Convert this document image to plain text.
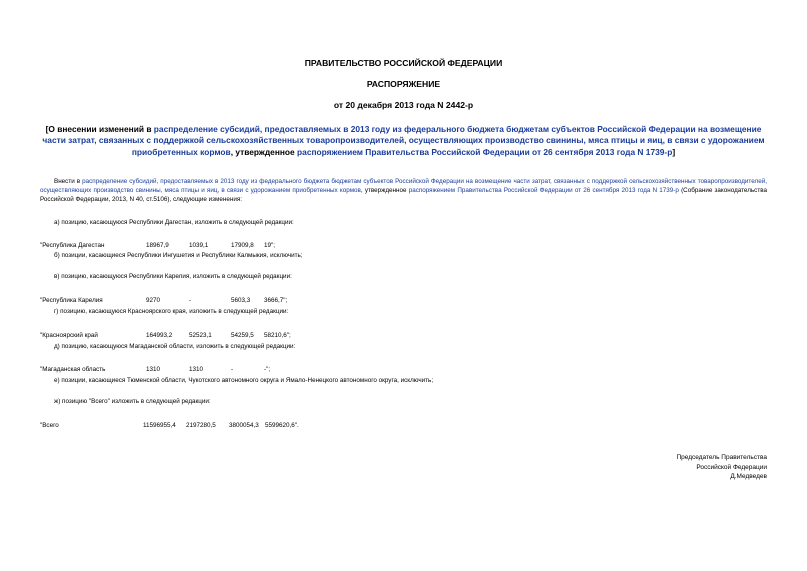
ПРАВИТЕЛЬСТВО РОССИЙСКОЙ ФЕДЕРАЦИИ
РАСПОРЯЖЕНИЕ
от 20 декабря 2013 года N 2442-р
[О внесении изменений в распределение субсидий, предоставляемых в 2013 году из федерального бюджета бюджетам субъектов Российской Федерации на возмещение части затрат, связанных с поддержкой сельскохозяйственных товаропроизводителей, осуществляющих производство свинины, мяса птицы и яиц, в связи с удорожанием приобретенных кормов, утвержденное распоряжением Правительства Российской Федерации от 26 сентября 2013 года N 1739-р]
Внести в распределение субсидий, предоставляемых в 2013 году из федерального бюджета бюджетам субъектов Российской Федерации на возмещение части затрат, связанных с поддержкой сельскохозяйственных товаропроизводителей, осуществляющих производство свинины, мяса птицы и яиц, в связи с удорожанием приобретенных кормов, утвержденное распоряжением Правительства Российской Федерации от 26 сентября 2013 года N 1739-р (Собрание законодательства Российской Федерации, 2013, N 40, ст.5106), следующие изменения:
а) позицию, касающуюся Республики Дагестан, изложить в следующей редакции:
"Республика Дагестан	18967,9	1039,1	17909,8 19";
б) позиции, касающиеся Республики Ингушетия и Республики Калмыкия, исключить;
в) позицию, касающуюся Республики Карелия, изложить в следующей редакции:
"Республика Карелия	9270	-	5603,3 3666,7";
г) позицию, касающуюся Красноярского края, изложить в следующей редакции:
"Красноярский край	164993,2	52523,1	54259,5 58210,6";
д) позицию, касающуюся Магаданской области, изложить в следующей редакции:
"Магаданская область	1310	1310	-	-";
е) позиции, касающиеся Тюменской области, Чукотского автономного округа и Ямало-Ненецкого автономного округа, исключить;
ж) позицию "Всего" изложить в следующей редакции:
"Всего	11596955,4 2197280,5 3800054,3 5599620,6".
Председатель Правительства
Российской Федерации
Д.Медведев
